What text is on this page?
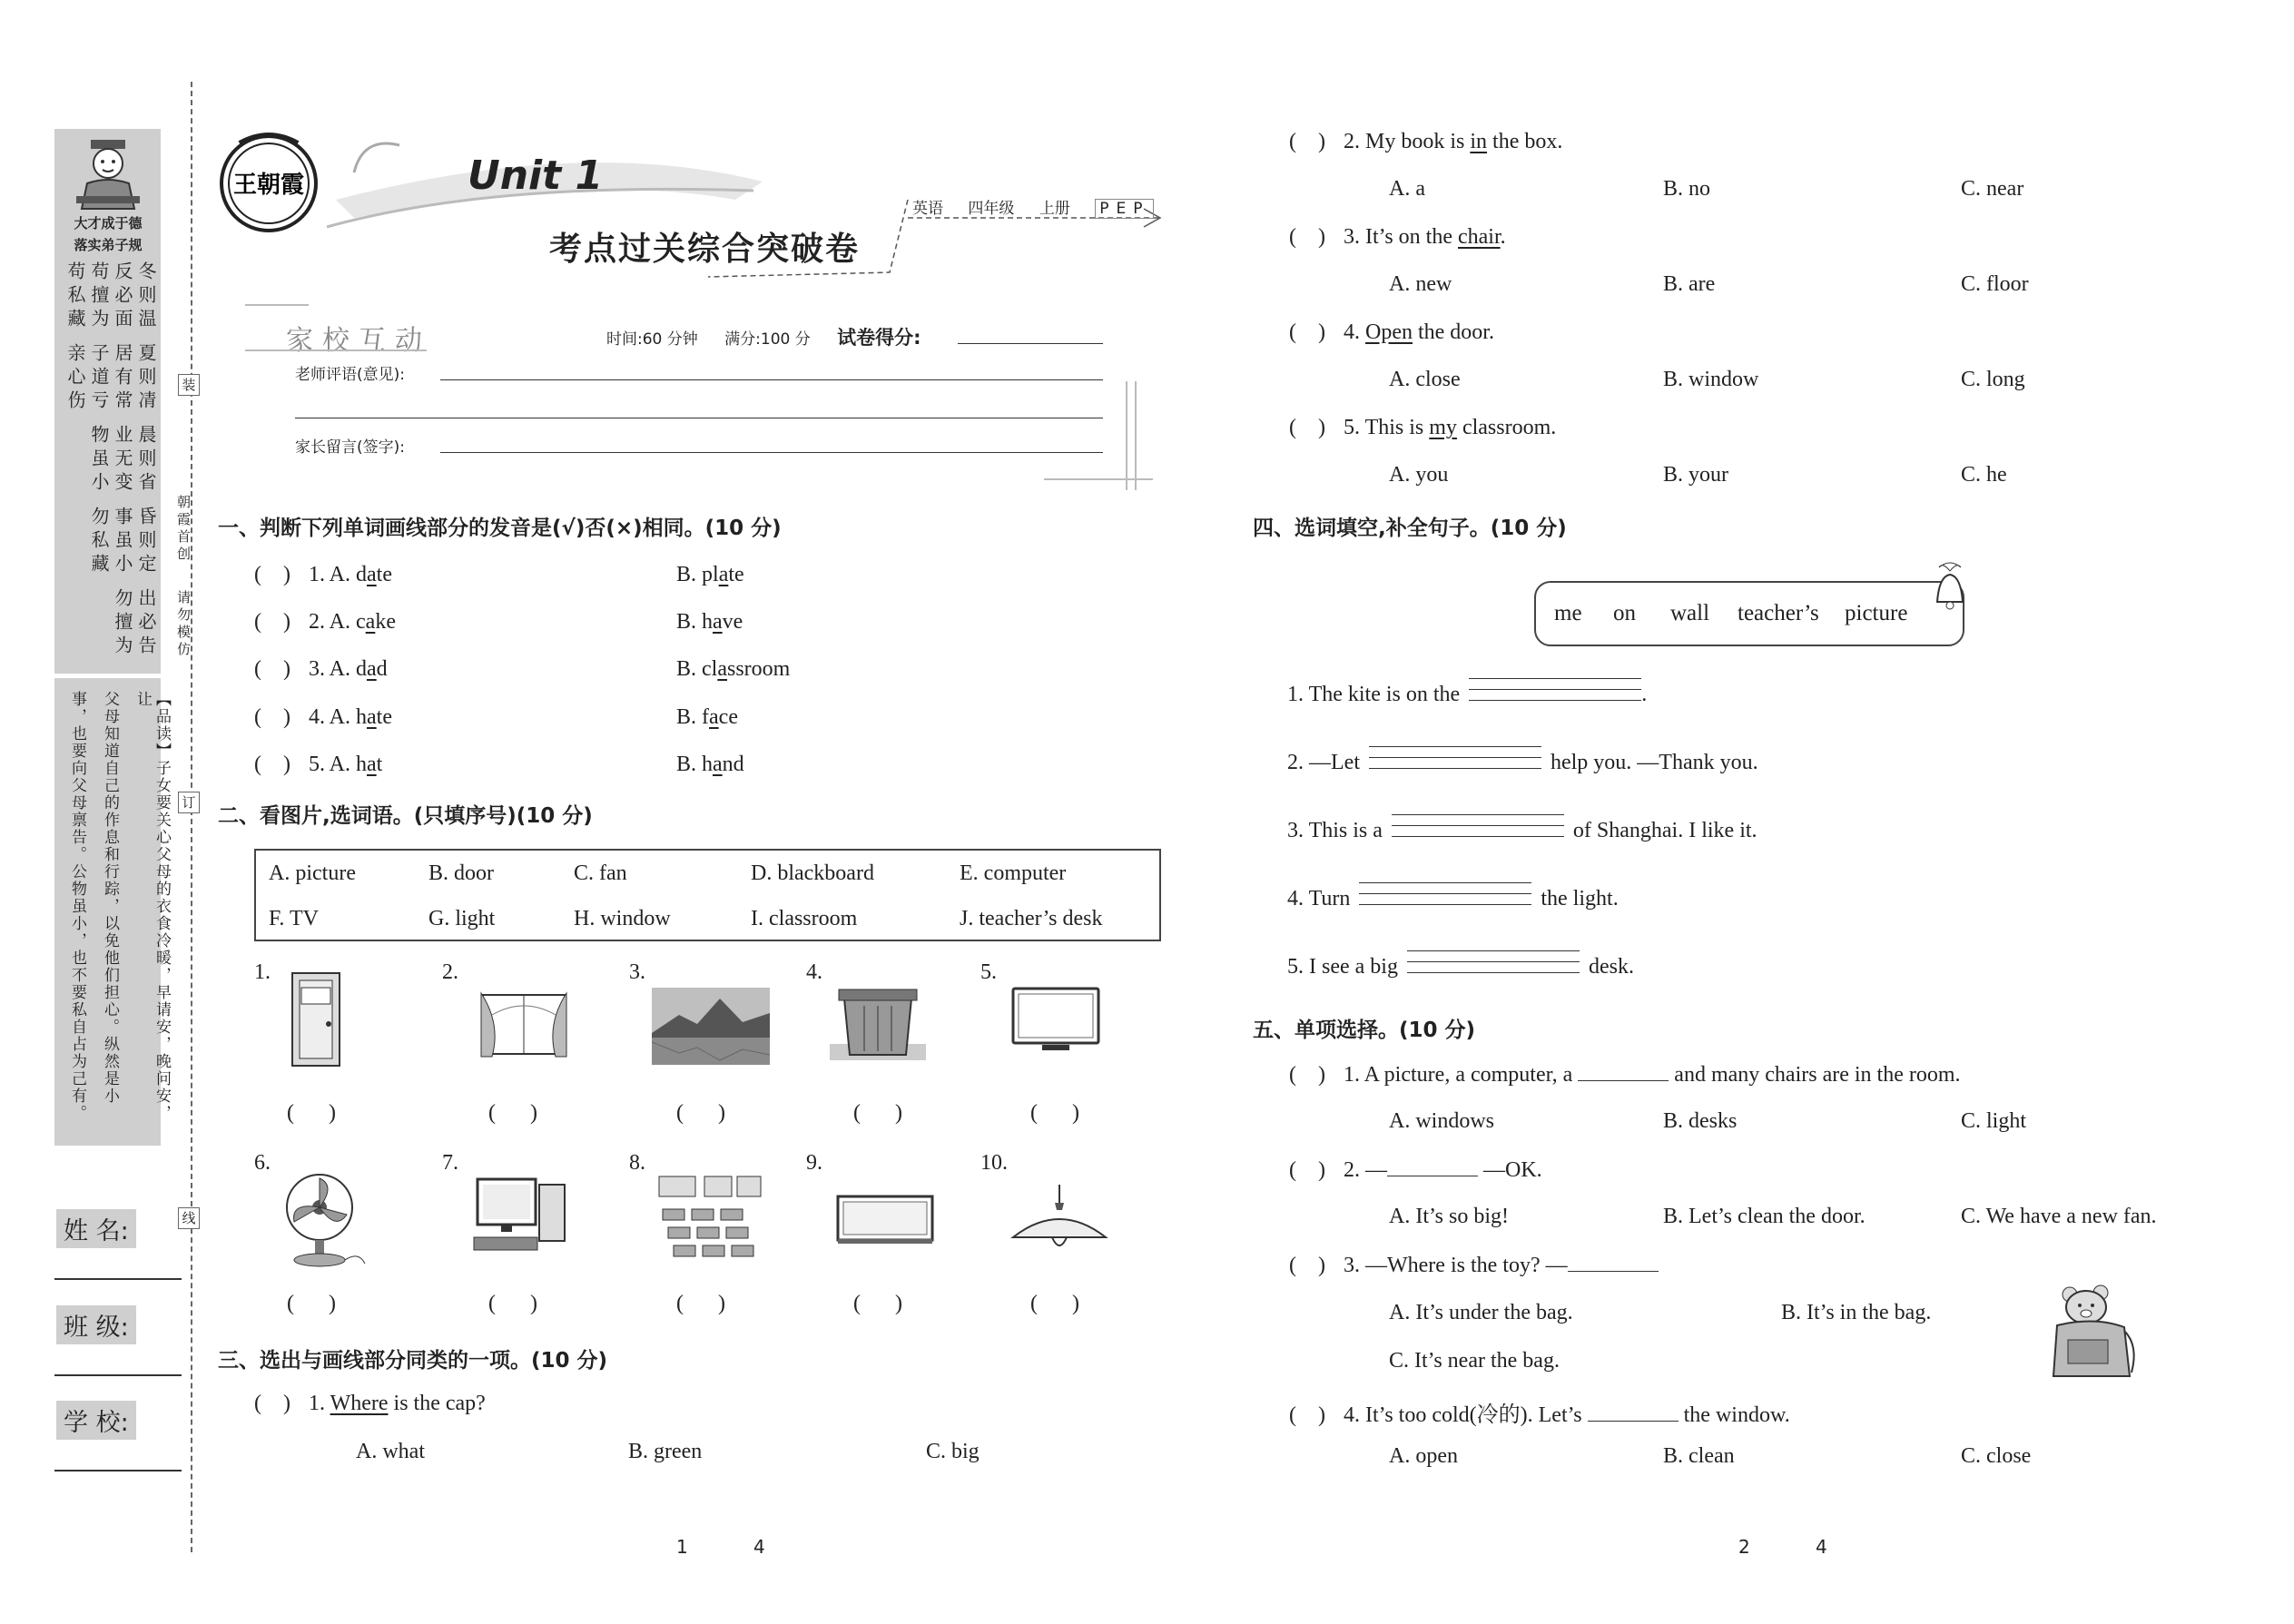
大才成于德
落实弟子规
冬则温
夏则凊
晨则省
昏则定
出必告
反必面
居有常
业无变
事虽小
勿擅为
苟擅为
子道亏
物虽小
勿私藏
苟私藏
亲心伤
【品读】子女要关心父母的衣食冷暖，早请安，晚问安，让
父母知道自己的作息和行踪，以免他们担心。纵然是小
事，也要向父母禀告。公物虽小，也不要私自占为己有。
姓 名:
班 级:
学 校:
装
订
线
朝霞首创
请勿模仿
王朝霞	Unit 1
考点过关综合突破卷
英语 四年级 上册 PEP
家校互动	时间:60 分钟 满分:100 分 试卷得分:
老师评语(意见):
家长留言(签字):
一、判断下列单词画线部分的发音是(√)否(×)相同。(10 分)
(    ) 1. A. date	B. plate
(    ) 2. A. cake	B. have
(    ) 3. A. dad	B. classroom
(    ) 4. A. hate	B. face
(    ) 5. A. hat	B. hand
二、看图片,选词语。(只填序号)(10 分)
A. picture	B. door	C. fan	D. blackboard	E. computer
F. TV	G. light	H. window	I. classroom	J. teacher’s desk
1.	2.	3.	4.	5.
()	()	()	()	()
6.	7.	8.	9.	10.
()	()	()	()	()
三、选出与画线部分同类的一项。(10 分)
(    ) 1. Where is the cap?
A. what	B. green	C. big
1	4
(    ) 2. My book is in the box.
A. a	B. no	C. near
(    ) 3. It’s on the chair.
A. new	B. are	C. floor
(    ) 4. Open the door.
A. close	B. window	C. long
(    ) 5. This is my classroom.
A. you	B. your	C. he
四、选词填空,补全句子。(10 分)
me on wall teacher’s picture
1. The kite is on the	.
2. —Let	help you. —Thank you.
3. This is a	of Shanghai. I like it.
4. Turn	the light.
5. I see a big	desk.
五、单项选择。(10 分)
(    ) 1. A picture, a computer, a	and many chairs are in the room.
A. windows	B. desks	C. light
(    ) 2. —	—OK.
A. It’s so big!	B. Let’s clean the door.	C. We have a new fan.
(    ) 3. —Where is the toy? —
A. It’s under the bag.	B. It’s in the bag.
C. It’s near the bag.
(    ) 4. It’s too cold(冷的). Let’s	the window.
A. open	B. clean	C. close
2	4
